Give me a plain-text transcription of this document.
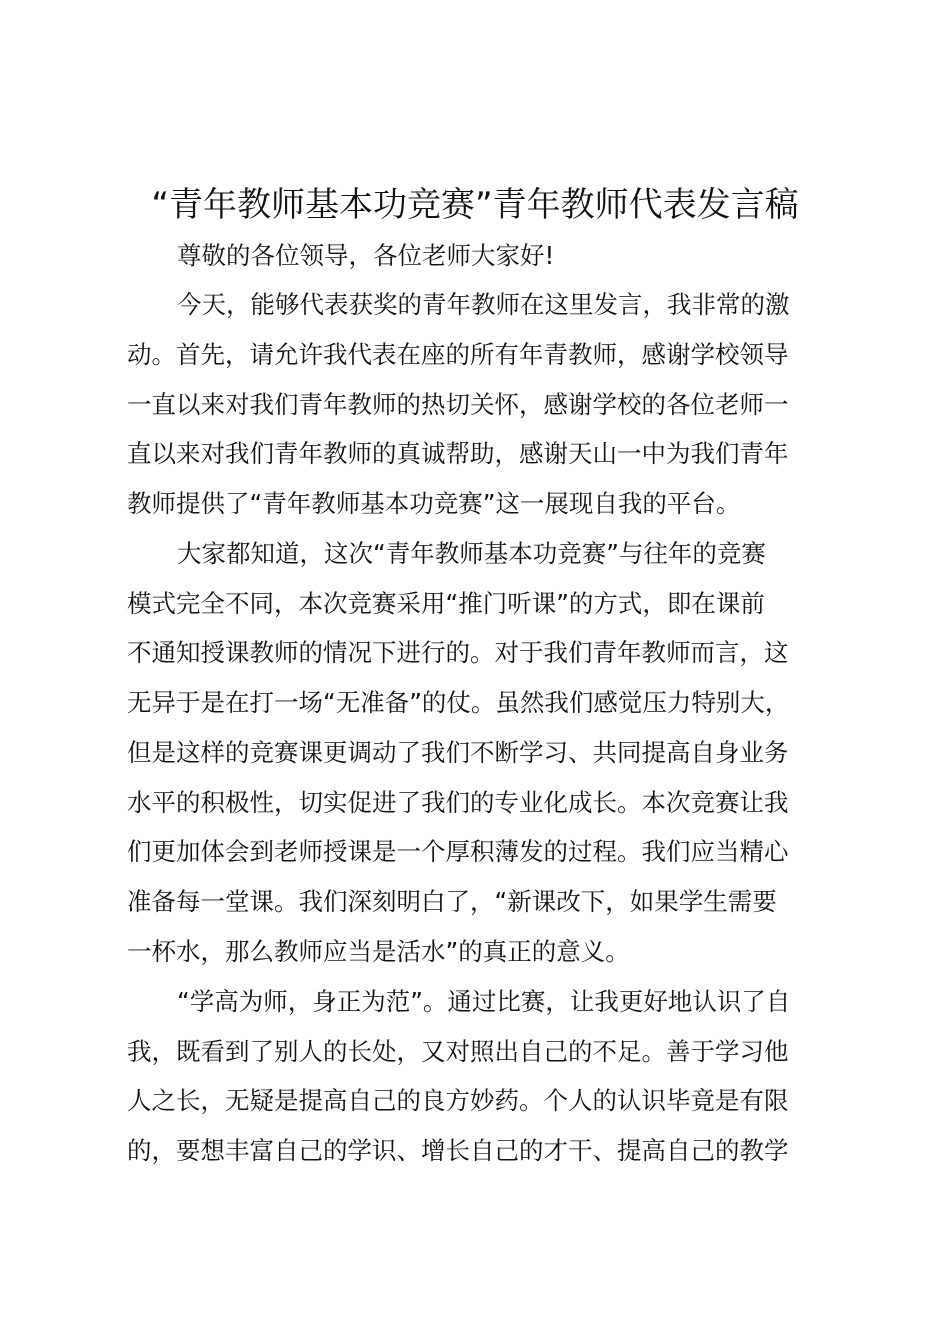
“青年教师基本功竞赛”青年教师代表发言稿
尊敬的各位领导，各位老师大家好!
今天，能够代表获奖的青年教师在这里发言，我非常的激
动。首先，请允许我代表在座的所有年青教师，感谢学校领导
一直以来对我们青年教师的热切关怀，感谢学校的各位老师一
直以来对我们青年教师的真诚帮助，感谢天山一中为我们青年
教师提供了“青年教师基本功竞赛”这一展现自我的平台。
大家都知道，这次“青年教师基本功竞赛”与往年的竞赛
模式完全不同，本次竞赛采用“推门听课”的方式，即在课前
不通知授课教师的情况下进行的。对于我们青年教师而言，这
无异于是在打一场“无准备”的仗。虽然我们感觉压力特别大，
但是这样的竞赛课更调动了我们不断学习、共同提高自身业务
水平的积极性，切实促进了我们的专业化成长。本次竞赛让我
们更加体会到老师授课是一个厚积薄发的过程。我们应当精心
准备每一堂课。我们深刻明白了，“新课改下，如果学生需要
一杯水，那么教师应当是活水”的真正的意义。
“学高为师，身正为范”。通过比赛，让我更好地认识了自
我，既看到了别人的长处，又对照出自己的不足。善于学习他
人之长，无疑是提高自己的良方妙药。个人的认识毕竟是有限
的，要想丰富自己的学识、增长自己的才干、提高自己的教学
